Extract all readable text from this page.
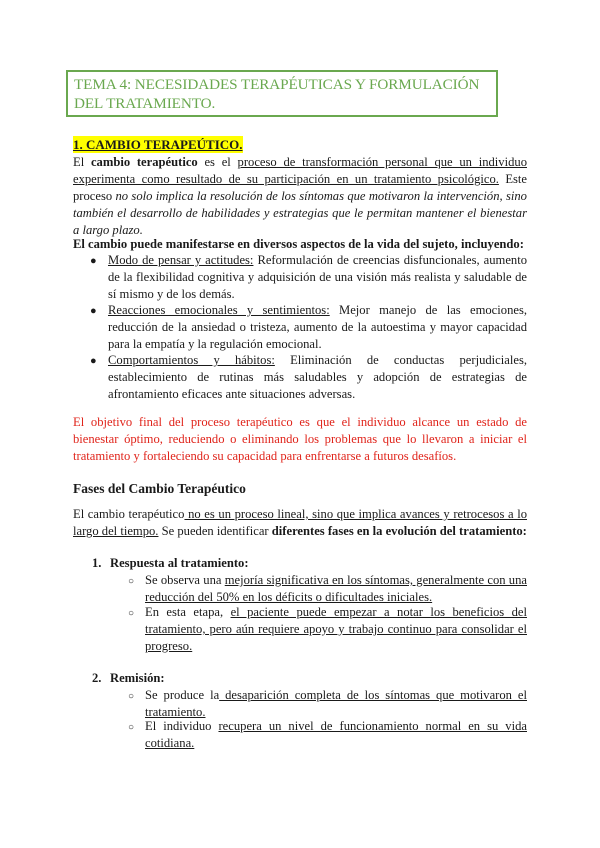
TEMA 4: NECESIDADES TERAPÉUTICAS Y FORMULACIÓN DEL TRATAMIENTO.
1. CAMBIO TERAPEÚTICO.
El cambio terapéutico es el proceso de transformación personal que un individuo experimenta como resultado de su participación en un tratamiento psicológico. Este proceso no solo implica la resolución de los síntomas que motivaron la intervención, sino también el desarrollo de habilidades y estrategias que le permitan mantener el bienestar a largo plazo.
El cambio puede manifestarse en diversos aspectos de la vida del sujeto, incluyendo:
● Modo de pensar y actitudes: Reformulación de creencias disfuncionales, aumento de la flexibilidad cognitiva y adquisición de una visión más realista y saludable de sí mismo y de los demás.
● Reacciones emocionales y sentimientos: Mejor manejo de las emociones, reducción de la ansiedad o tristeza, aumento de la autoestima y mayor capacidad para la empatía y la regulación emocional.
● Comportamientos y hábitos: Eliminación de conductas perjudiciales, establecimiento de rutinas más saludables y adopción de estrategias de afrontamiento eficaces ante situaciones adversas.
El objetivo final del proceso terapéutico es que el individuo alcance un estado de bienestar óptimo, reduciendo o eliminando los problemas que lo llevaron a iniciar el tratamiento y fortaleciendo su capacidad para enfrentarse a futuros desafíos.
Fases del Cambio Terapéutico
El cambio terapéutico no es un proceso lineal, sino que implica avances y retrocesos a lo largo del tiempo. Se pueden identificar diferentes fases en la evolución del tratamiento:
1. Respuesta al tratamiento:
○ Se observa una mejoría significativa en los síntomas, generalmente con una reducción del 50% en los déficits o dificultades iniciales.
○ En esta etapa, el paciente puede empezar a notar los beneficios del tratamiento, pero aún requiere apoyo y trabajo continuo para consolidar el progreso.
2. Remisión:
○ Se produce la desaparición completa de los síntomas que motivaron el tratamiento.
○ El individuo recupera un nivel de funcionamiento normal en su vida cotidiana.
